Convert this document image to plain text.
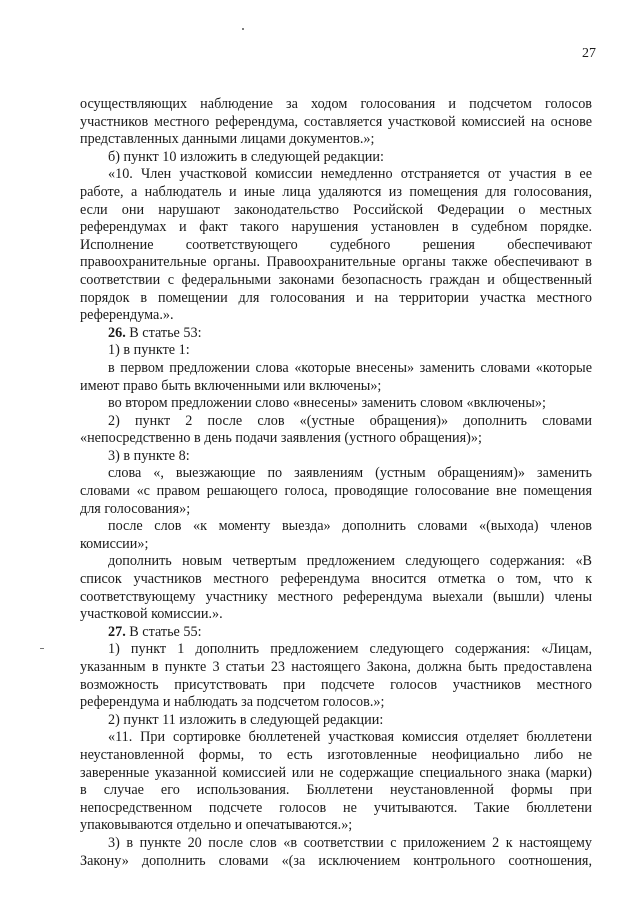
27
осуществляющих наблюдение за ходом голосования и подсчетом голосов
участников местного референдума, составляется участковой комиссией на основе
представленных данными лицами документов.»;
б) пункт 10 изложить в следующей редакции:
«10. Член участковой комиссии немедленно отстраняется от участия в ее
работе, а наблюдатель и иные лица удаляются из помещения для голосования,
если они нарушают законодательство Российской Федерации о местных
референдумах и факт такого нарушения установлен в судебном порядке.
Исполнение соответствующего судебного решения обеспечивают
правоохранительные органы. Правоохранительные органы также обеспечивают в
соответствии с федеральными законами безопасность граждан и общественный
порядок в помещении для голосования и на территории участка местного
референдума.».
26. В статье 53:
1) в пункте 1:
в первом предложении слова «которые внесены» заменить словами «которые
имеют право быть включенными или включены»;
во втором предложении слово «внесены» заменить словом «включены»;
2) пункт 2 после слов «(устные обращения)» дополнить словами
«непосредственно в день подачи заявления (устного обращения)»;
3) в пункте 8:
слова «, выезжающие по заявлениям (устным обращениям)» заменить
словами «с правом решающего голоса, проводящие голосование вне помещения
для голосования»;
после слов «к моменту выезда» дополнить словами «(выхода) членов
комиссии»;
дополнить новым четвертым предложением следующего содержания: «В
список участников местного референдума вносится отметка о том, что к
соответствующему участнику местного референдума выехали (вышли) члены
участковой комиссии.».
27. В статье 55:
1) пункт 1 дополнить предложением следующего содержания: «Лицам,
указанным в пункте 3 статьи 23 настоящего Закона, должна быть предоставлена
возможность присутствовать при подсчете голосов участников местного
референдума и наблюдать за подсчетом голосов.»;
2) пункт 11 изложить в следующей редакции:
«11. При сортировке бюллетеней участковая комиссия отделяет бюллетени
неустановленной формы, то есть изготовленные неофициально либо не
заверенные указанной комиссией или не содержащие специального знака (марки)
в случае его использования. Бюллетени неустановленной формы при
непосредственном подсчете голосов не учитываются. Такие бюллетени
упаковываются отдельно и опечатываются.»;
3) в пункте 20 после слов «в соответствии с приложением 2 к настоящему
Закону» дополнить словами «(за исключением контрольного соотношения,
